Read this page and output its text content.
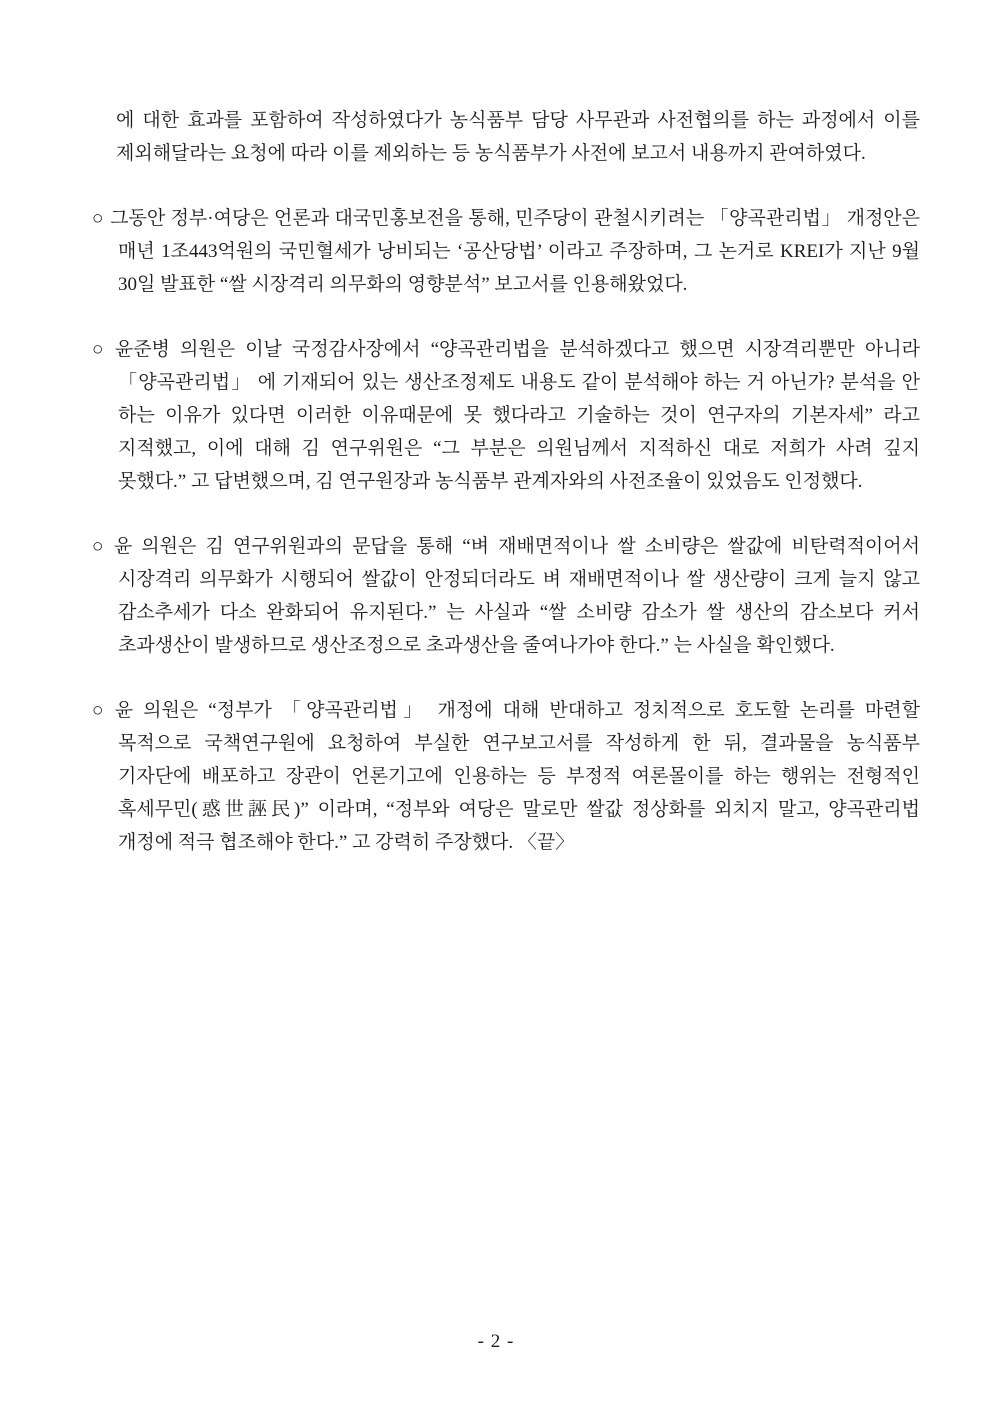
에 대한 효과를 포함하여 작성하였다가 농식품부 담당 사무관과 사전협의를 하는 과정에서 이를 제외해달라는 요청에 따라 이를 제외하는 등 농식품부가 사전에 보고서 내용까지 관여하였다.

○ 그동안 정부·여당은 언론과 대국민홍보전을 통해, 민주당이 관철시키려는 「양곡관리법」 개정안은 매년 1조443억원의 국민혈세가 낭비되는 ‘공산당법’ 이라고 주장하며, 그 논거로 KREI가 지난 9월 30일 발표한 “쌀 시장격리 의무화의 영향분석” 보고서를 인용해왔었다.

○ 윤준병 의원은 이날 국정감사장에서 “양곡관리법을 분석하겠다고 했으면 시장격리뿐만 아니라 「양곡관리법」 에 기재되어 있는 생산조정제도 내용도 같이 분석해야 하는 거 아닌가? 분석을 안 하는 이유가 있다면 이러한 이유때문에 못 했다라고 기술하는 것이 연구자의 기본자세” 라고 지적했고, 이에 대해 김 연구위원은 “그 부분은 의원님께서 지적하신 대로 저희가 사려 깊지 못했다.” 고 답변했으며, 김 연구원장과 농식품부 관계자와의 사전조율이 있었음도 인정했다.

○ 윤 의원은 김 연구위원과의 문답을 통해 “벼 재배면적이나 쌀 소비량은 쌀값에 비탄력적이어서 시장격리 의무화가 시행되어 쌀값이 안정되더라도 벼 재배면적이나 쌀 생산량이 크게 늘지 않고 감소추세가 다소 완화되어 유지된다.” 는 사실과 “쌀 소비량 감소가 쌀 생산의 감소보다 커서 초과생산이 발생하므로 생산조정으로 초과생산을 줄여나가야 한다.” 는 사실을 확인했다.

○ 윤 의원은 “정부가 「양곡관리법」 개정에 대해 반대하고 정치적으로 호도할 논리를 마련할 목적으로 국책연구원에 요청하여 부실한 연구보고서를 작성하게 한 뒤, 결과물을 농식품부 기자단에 배포하고 장관이 언론기고에 인용하는 등 부정적 여론몰이를 하는 행위는 전형적인 혹세무민(惑世誣民)” 이라며, “정부와 여당은 말로만 쌀값 정상화를 외치지 말고, 양곡관리법 개정에 적극 협조해야 한다.” 고 강력히 주장했다. 〈끝〉

- 2 -
